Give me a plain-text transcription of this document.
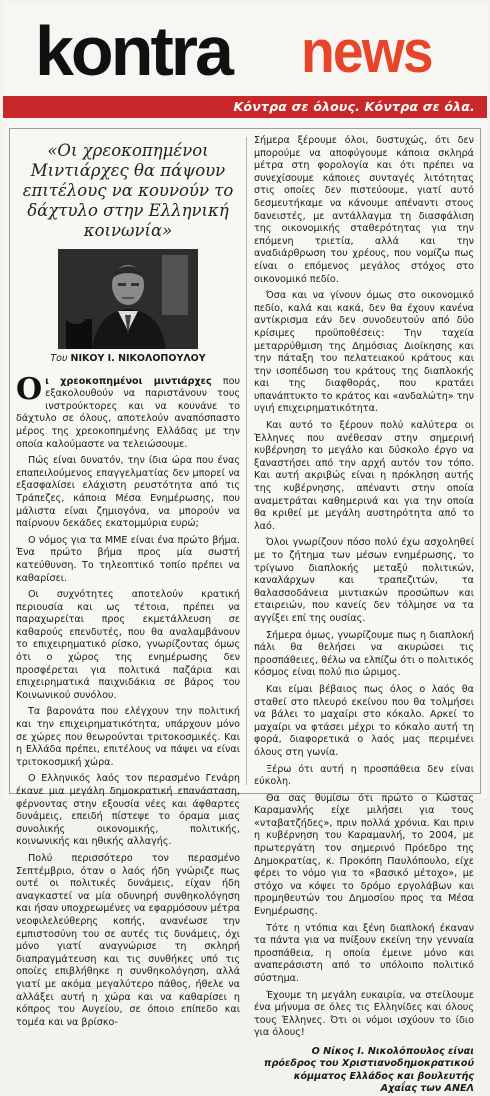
kontra news
Κόντρα σε όλους. Κόντρα σε όλα.
«Οι χρεοκοπημένοι Μιντιάρχες θα πάψουν επιτέλους να κουνούν το δάχτυλο στην Ελληνική κοινωνία»
Του ΝΙΚΟΥ Ι. ΝΙΚΟΛΟΠΟΥΛΟΥ

Oι χρεοκοπημένοι μιντιάρχες που εξακολουθούν να παριστάνουν τους ινστρούκτορες και να κουνάνε το δάχτυλο σε όλους, αποτελούν αναπόσπαστο μέρος της χρεοκοπημένης Ελλάδας με την οποία καλούμαστε να τελειώσουμε.

Πώς είναι δυνατόν, την ίδια ώρα που ένας επαπειλούμενος επαγγελματίας δεν μπορεί να εξασφαλίσει ελάχιστη ρευστότητα από τις Τράπεζες, κάποια Μέσα Ενημέρωσης, που μάλιστα είναι ζημιογόνα, να μπορούν να παίρνουν δεκάδες εκατομμύρια ευρώ;

Ο νόμος για τα ΜΜΕ είναι ένα πρώτο βήμα. Ένα πρώτο βήμα προς μία σωστή κατεύθυνση. Το τηλεοπτικό τοπίο πρέπει να καθαρίσει.

Οι συχνότητες αποτελούν κρατική περιουσία και ως τέτοια, πρέπει να παραχωρείται προς εκμετάλλευση σε καθαρούς επενδυτές, που θα αναλαμβάνουν το επιχειρηματικό ρίσκο, γνωρίζοντας όμως ότι ο χώρος της ενημέρωσης δεν προσφέρεται για πολιτικά παζάρια και επιχειρηματικά παιχνιδάκια σε βάρος του Κοινωνικού συνόλου.

Τα βαρονάτα που ελέγχουν την πολιτική και την επιχειρηματικότητα, υπάρχουν μόνο σε χώρες που θεωρούνται τριτοκοσμικές. Και η Ελλάδα πρέπει, επιτέλους να πάψει να είναι τριτοκοσμική χώρα.

Ο Ελληνικός λαός τον περασμένο Γενάρη έκανε μια μεγάλη δημοκρατική επανάσταση, φέρνοντας στην εξουσία νέες και άφθαρτες δυνάμεις, επειδή πίστεψε το όραμα μιας συνολικής οικονομικής, πολιτικής, κοινωνικής και ηθικής αλλαγής.

Πολύ περισσότερο τον περασμένο Σεπτέμβριο, όταν ο λαός ήδη γνώριζε πως ουτέ οι πολιτικές δυνάμεις, είχαν ήδη αναγκαστεί να μία οδυνηρή συνθηκολόγηση και ήσαν υποχρεωμένες να εφαρμόσουν μέτρα νεοφιλελεύθερης κοπής, ανανέωσε την εμπιστοσύνη του σε αυτές τις δυνάμεις, όχι μόνο γιατί αναγνώρισε τη σκληρή διαπραγμάτευση και τις συνθήκες υπό τις οποίες επιβλήθηκε η συνθηκολόγηση, αλλά γιατί με ακόμα μεγαλύτερο πάθος, ήθελε να αλλάξει αυτή η χώρα και να καθαρίσει η κόπρος του Αυγείου, σε όποιο επίπεδο και τομέα και να βρίσκο-

Σήμερα ξέρουμε όλοι, δυστυχώς, ότι δεν μπορούμε να αποφύγουμε κάποια σκληρά μέτρα στη φορολογία και ότι πρέπει να συνεχίσουμε κάποιες συνταγές λιτότητας στις οποίες δεν πιστεύουμε, γιατί αυτό δεσμευτήκαμε να κάνουμε απέναντι στους δανειστές, με αντάλλαγμα τη διασφάλιση της οικονομικής σταθερότητας για την επόμενη τριετία, αλλά και την αναδιάρθρωση του χρέους, που νομίζω πως είναι ο επόμενος μεγάλος στόχος στο οικονομικό πεδίο.

Όσα και να γίνουν όμως στο οικονομικό πεδίο, καλά και κακά, δεν θα έχουν κανένα αντίκρισμα εάν δεν συνοδευτούν από δύο κρίσιμες προϋποθέσεις: Την ταχεία μεταρρύθμιση της Δημόσιας Διοίκησης και την πάταξη του πελατειακού κράτους και την ισοπέδωση του κράτους της διαπλοκής και της διαφθοράς, που κρατάει υπανάπτυκτο το κράτος και «ανδαλώτη» την υγιή επιχειρηματικότητα.

Και αυτό το ξέρουν πολύ καλύτερα οι Έλληνες που ανέθεσαν στην σημερινή κυβέρνηση το μεγάλο και δύσκολο έργο να ξαναστήσει από την αρχή αυτόν τον τόπο. Και αυτή ακριβώς είναι η πρόκληση αυτής της κυβέρνησης, απέναντι στην οποία αναμετράται καθημερινά και για την οποία θα κριθεί με μεγάλη αυστηρότητα από το λαό.

Όλοι γνωρίζουν πόσο πολύ έχω ασχοληθεί με το ζήτημα των μέσων ενημέρωσης, το τρίγωνο διαπλοκής μεταξύ πολιτικών, καναλάρχων και τραπεζιτών, τα θαλασσοδάνεια μιντιακών προσώπων και εταιρειών, που κανείς δεν τόλμησε να τα αγγίξει επί της ουσίας.

Σήμερα όμως, γνωρίζουμε πως η διαπλοκή πάλι θα θελήσει να ακυρώσει τις προσπάθειες, θέλω να ελπίζω ότι ο πολιτικός κόσμος είναι πολύ πιο ώριμος.

Και είμαι βέβαιος πως όλος ο λαός θα σταθεί στο πλευρό εκείνου που θα τολμήσει να βάλει το μαχαίρι στο κόκαλο. Αρκεί το μαχαίρι να φτάσει μέχρι το κόκαλο αυτή τη φορά, διαφορετικά ο λαός μας περιμένει όλους στη γωνία.

Ξέρω ότι αυτή η προσπάθεια δεν είναι εύκολη.

Θα σας θυμίσω ότι πρώτο ο Κώστας Καραμανλής είχε μιλήσει για τους «νταβατζήδες», πριν πολλά χρόνια. Και πριν η κυβέρνηση του Καραμανλή, το 2004, με πρωτεργάτη τον σημερινό Πρόεδρο της Δημοκρατίας, κ. Προκόπη Παυλόπουλο, είχε φέρει το νόμο για το «βασικό μέτοχο», με στόχο να κόψει το δρόμο εργολάβων και προμηθευτών του Δημοσίου προς τα Μέσα Ενημέρωσης.

Τότε η ντόπια και ξένη διαπλοκή έκαναν τα πάντα για να πνίξουν εκείνη την γενναία προσπάθεια, η οποία έμεινε μόνο και αναπεράσιστη από το υπόλοιπο πολιτικό σύστημα.

Έχουμε τη μεγάλη ευκαιρία, να στείλουμε ένα μήνυμα σε όλες τις Ελληνίδες και όλους τους Έλληνες. Ότι οι νόμοι ισχύουν το ίδιο για όλους!

Ο Νίκος Ι. Νικολόπουλος είναι
πρόεδρος του Χριστιανοδημοκρατικού
κόμματος Ελλάδος και βουλευτής
Αχαΐας των ΑΝΕΛ
